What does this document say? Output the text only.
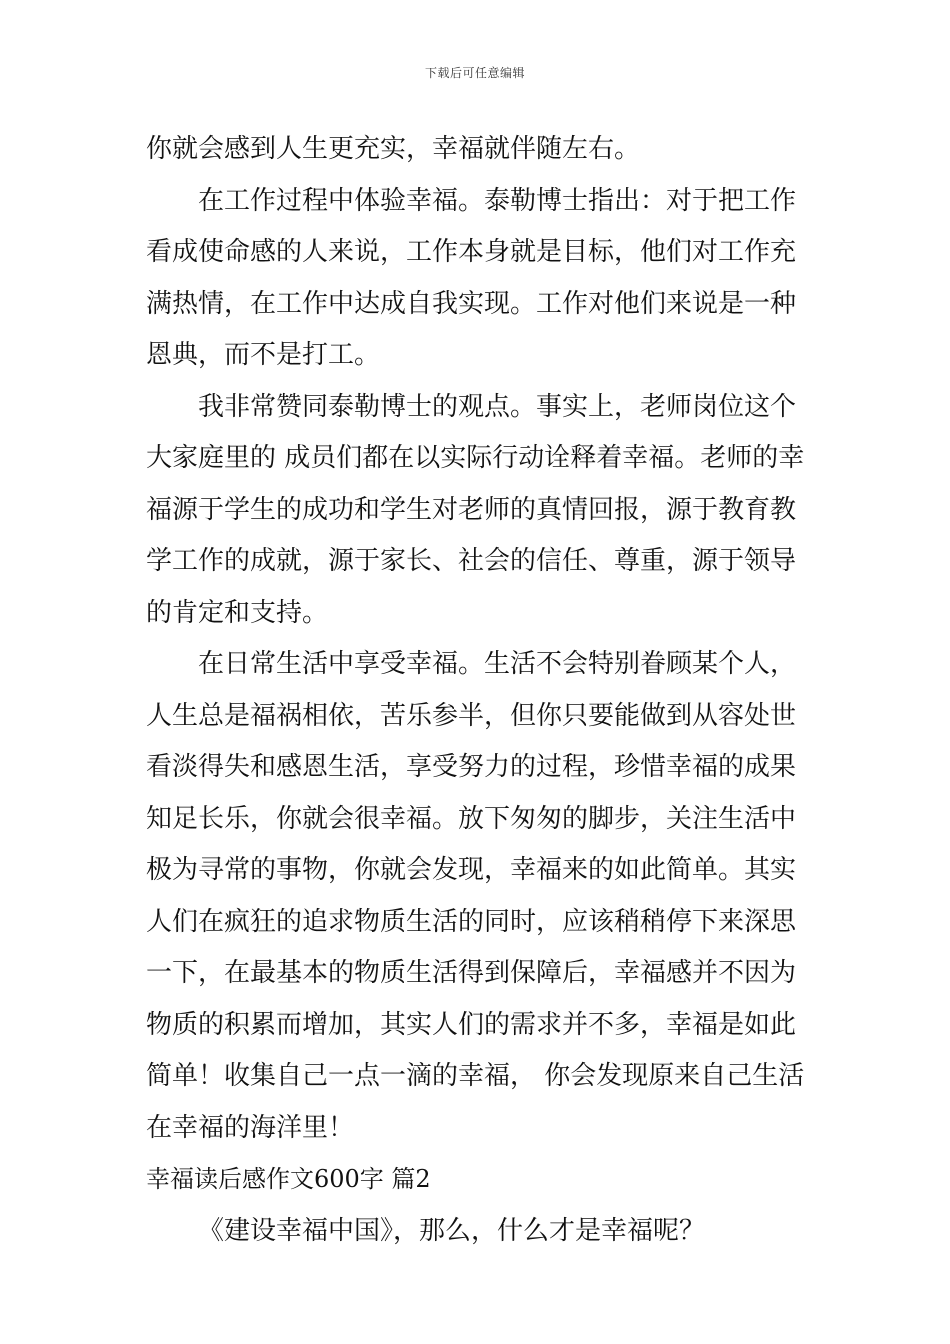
下载后可任意编辑

你就会感到人生更充实，幸福就伴随左右。

在工作过程中体验幸福。泰勒博士指出：对于把工作

看成使命感的人来说，工作本身就是目标，他们对工作充

满热情，在工作中达成自我实现。工作对他们来说是一种

恩典，而不是打工。

我非常赞同泰勒博士的观点。事实上，老师岗位这个

大家庭里的 成员们都在以实际行动诠释着幸福。老师的幸

福源于学生的成功和学生对老师的真情回报，源于教育教

学工作的成就，源于家长、社会的信任、尊重，源于领导

的肯定和支持。

在日常生活中享受幸福。生活不会特别眷顾某个人，

人生总是福祸相依，苦乐参半，但你只要能做到从容处世

看淡得失和感恩生活，享受努力的过程，珍惜幸福的成果

知足长乐，你就会很幸福。放下匆匆的脚步，关注生活中

极为寻常的事物，你就会发现，幸福来的如此简单。其实

人们在疯狂的追求物质生活的同时，应该稍稍停下来深思

一下，在最基本的物质生活得到保障后，幸福感并不因为

物质的积累而增加，其实人们的需求并不多，幸福是如此

简单！收集自己一点一滴的幸福， 你会发现原来自己生活

在幸福的海洋里！

幸福读后感作文600字 篇2

《建设幸福中国》，那么，什么才是幸福呢？
